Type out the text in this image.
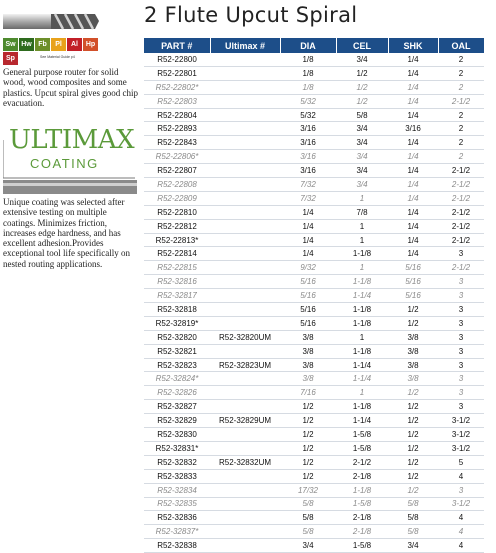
Sw Hw Fb	Pl	Al	Hp
Sp	See Material Guide p4

General purpose router for solid wood, wood composites and some plastics. Upcut spiral gives good chip evacuation.

ULTIMAX
COATING

Unique coating was selected after extensive testing on multiple coatings. Minimizes friction, increases edge hardness, and has excellent adhesion.Provides exceptional tool life specifically on nested routing applications.

2 Flute Upcut Spiral
PART #	Ultimax #	DIA	CEL	SHK	OAL
R52-22800		1/8	3/4	1/4	2
R52-22801		1/8	1/2	1/4	2
R52-22802*		1/8	1/2	1/4	2
R52-22803		5/32	1/2	1/4	2-1/2
R52-22804		5/32	5/8	1/4	2
R52-22893		3/16	3/4	3/16	2
R52-22843		3/16	3/4	1/4	2
R52-22806*		3/16	3/4	1/4	2
R52-22807		3/16	3/4	1/4	2-1/2
R52-22808		7/32	3/4	1/4	2-1/2
R52-22809		7/32	1	1/4	2-1/2
R52-22810		1/4	7/8	1/4	2-1/2
R52-22812		1/4	1	1/4	2-1/2
R52-22813*		1/4	1	1/4	2-1/2
R52-22814		1/4	1-1/8	1/4	3
R52-22815		9/32	1	5/16	2-1/2
R52-32816		5/16	1-1/8	5/16	3
R52-32817		5/16	1-1/4	5/16	3
R52-32818		5/16	1-1/8	1/2	3
R52-32819*		5/16	1-1/8	1/2	3
R52-32820	R52-32820UM	3/8	1	3/8	3
R52-32821		3/8	1-1/8	3/8	3
R52-32823	R52-32823UM	3/8	1-1/4	3/8	3
R52-32824*		3/8	1-1/4	3/8	3
R52-32826		7/16	1	1/2	3
R52-32827		1/2	1-1/8	1/2	3
R52-32829	R52-32829UM	1/2	1-1/4	1/2	3-1/2
R52-32830		1/2	1-5/8	1/2	3-1/2
R52-32831*		1/2	1-5/8	1/2	3-1/2
R52-32832	R52-32832UM	1/2	2-1/2	1/2	5
R52-32833		1/2	2-1/8	1/2	4
R52-32834		17/32	1-1/8	1/2	3
R52-32835		5/8	1-5/8	5/8	3-1/2
R52-32836		5/8	2-1/8	5/8	4
R52-32837*		5/8	2-1/8	5/8	4
R52-32838		3/4	1-5/8	3/4	4
